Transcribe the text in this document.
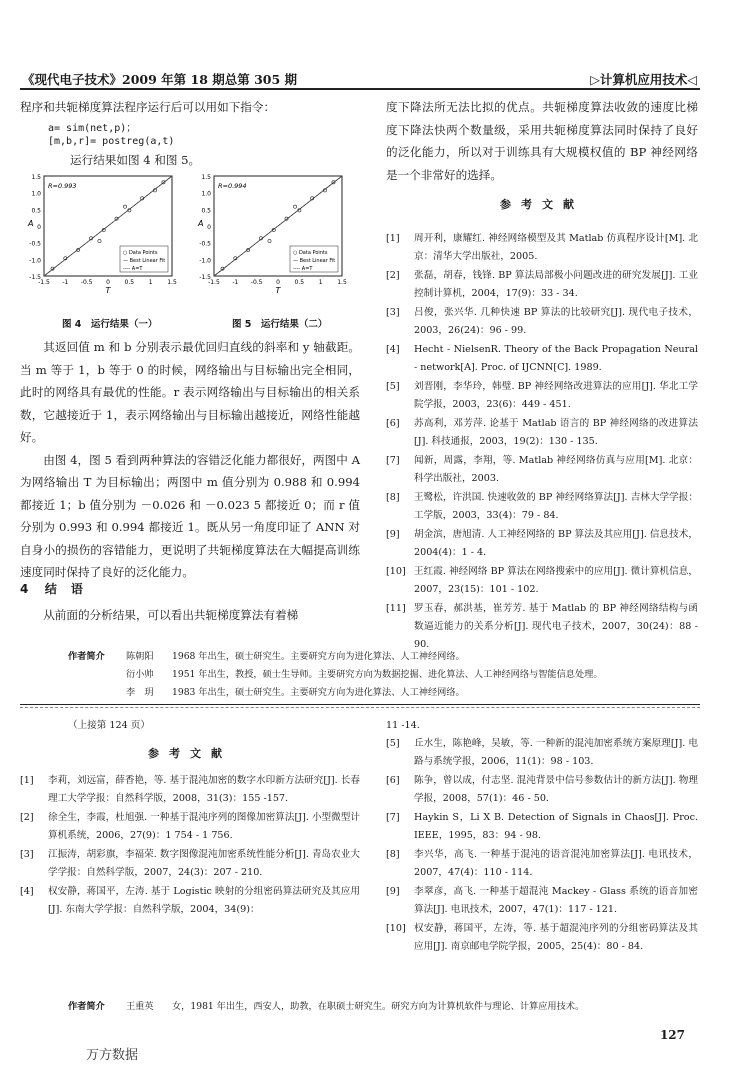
《现代电子技术》2009 年第 18 期总第 305 期	▷计算机应用技术◁

程序和共轭梯度算法程序运行后可以用如下指令：

a= sim(net,p)；
[m,b,r]= postreg(a,t)
运行结果如图 4 和图 5。
1.5
1.0
0.5
0
-0.5
-1.0
-1.5
-1.5 -1 -0.5 0 0.5 1 1.5
R=0.993
○ Data Points
— Best Linear Fit
---- A=T
A
T
1.5
1.0
0.5
0
-0.5
-1.0
-1.5
-1.5 -1 -0.5 0 0.5 1 1.5
R=0.994
○ Data Points
— Best Linear Fit
---- A=T
A
T
图 4　运行结果（一）	图 5　运行结果（二）

其返回值 m 和 b 分别表示最优回归直线的斜率和 y 轴截距。当 m 等于 1，b 等于 0 的时候，网络输出与目标输出完全相同，此时的网络具有最优的性能。r 表示网络输出与目标输出的相关系数，它越接近于 1，表示网络输出与目标输出越接近，网络性能越好。

由图 4，图 5 看到两种算法的容错泛化能力都很好，两图中 A 为网络输出 T 为目标输出；两图中 m 值分别为 0.988 和 0.994 都接近 1；b 值分别为 －0.026 和 －0.023 5 都接近 0；而 r 值分别为 0.993 和 0.994 都接近 1。既从另一角度印证了 ANN 对自身小的损伤的容错能力，更说明了共轭梯度算法在大幅提高训练速度同时保持了良好的泛化能力。

4 结　语

从前面的分析结果，可以看出共轭梯度算法有着梯

度下降法所无法比拟的优点。共轭梯度算法收敛的速度比梯度下降法快两个数量级，采用共轭梯度算法同时保持了良好的泛化能力，所以对于训练具有大规模权值的 BP 神经网络是一个非常好的选择。

参考文献
[1]	周开利，康耀红. 神经网络模型及其 Matlab 仿真程序设计[M]. 北京：清华大学出版社，2005.
[2]	张磊，胡春，钱锋. BP 算法局部极小问题改进的研究发展[J]. 工业控制计算机，2004，17(9)：33 - 34.
[3]	吕俊，张兴华. 几种快速 BP 算法的比较研究[J]. 现代电子技术，2003，26(24)：96 - 99.
[4]	Hecht - NielsenR. Theory of the Back Propagation Neural - network[A]. Proc. of IJCNN[C]. 1989.
[5]	刘晋刚，李华玲，韩璧. BP 神经网络改进算法的应用[J]. 华北工学院学报，2003，23(6)：449 - 451.
[6]	苏高利，邓芳萍. 论基于 Matlab 语言的 BP 神经网络的改进算法[J]. 科技通报，2003，19(2)：130 - 135.
[7]	闻新，周露，李翔，等. Matlab 神经网络仿真与应用[M]. 北京：科学出版社，2003.
[8]	王鹭松，许洪国. 快速收敛的 BP 神经网络算法[J]. 吉林大学学报：工学版，2003，33(4)：79 - 84.
[9]	胡金滨，唐旭清. 人工神经网络的 BP 算法及其应用[J]. 信息技术，2004(4)：1 - 4.
[10] 王红霞. 神经网络 BP 算法在网络搜索中的应用[J]. 微计算机信息，2007，23(15)：101 - 102.
[11] 罗玉春，郝洪基，崔芳芳. 基于 Matlab 的 BP 神经网络结构与函数逼近能力的关系分析[J]. 现代电子技术，2007，30(24)：88 - 90.
作者简介	陈朝阳	1968 年出生，硕士研究生。主要研究方向为进化算法、人工神经网络。
衍小帅	1951 年出生，教授，硕士生导师。主要研究方向为数据挖掘、进化算法、人工神经网络与智能信息处理。
李　玥	1983 年出生，硕士研究生。主要研究方向为进化算法、人工神经网络。
（上接第 124 页）
参考文献
[1]	李莉，刘远富，薛香艳，等. 基于混沌加密的数字水印新方法研究[J]. 长春理工大学学报：自然科学版，2008，31(3)：155 -157.
[2]	徐全生，李霞，杜旭强. 一种基于混沌序列的图像加密算法[J]. 小型微型计算机系统，2006，27(9)：1 754 - 1 756.
[3]	江振涛，胡彩旗，李福荣. 数字图像混沌加密系统性能分析[J]. 青岛农业大学学报：自然科学版，2007，24(3)：207 - 210.
[4]	权安静，蒋国平，左涛. 基于 Logistic 映射的分组密码算法研究及其应用[J]. 东南大学学报：自然科学版，2004，34(9)：
11 -14.
[5]	丘水生，陈艳峰，吴敏，等. 一种新的混沌加密系统方案原理[J]. 电路与系统学报，2006，11(1)：98 - 103.
[6]	陈争，曾以成，付志坚. 混沌背景中信号参数估计的新方法[J]. 物理学报，2008，57(1)：46 - 50.
[7]	Haykin S，Li X B. Detection of Signals in Chaos[J]. Proc. IEEE，1995，83：94 - 98.
[8]	李兴华，高飞. 一种基于混沌的语音混沌加密算法[J]. 电讯技术，2007，47(4)：110 - 114.
[9]	李翠彦，高飞. 一种基于超混沌 Mackey - Glass 系统的语音加密算法[J]. 电讯技术，2007，47(1)：117 - 121.
[10] 权安静，蒋国平，左涛，等. 基于超混沌序列的分组密码算法及其应用[J]. 南京邮电学院学报，2005，25(4)：80 - 84.
作者简介	王重英	女，1981 年出生，西安人，助教，在职硕士研究生。研究方向为计算机软件与理论、计算应用技术。
127
万方数据
